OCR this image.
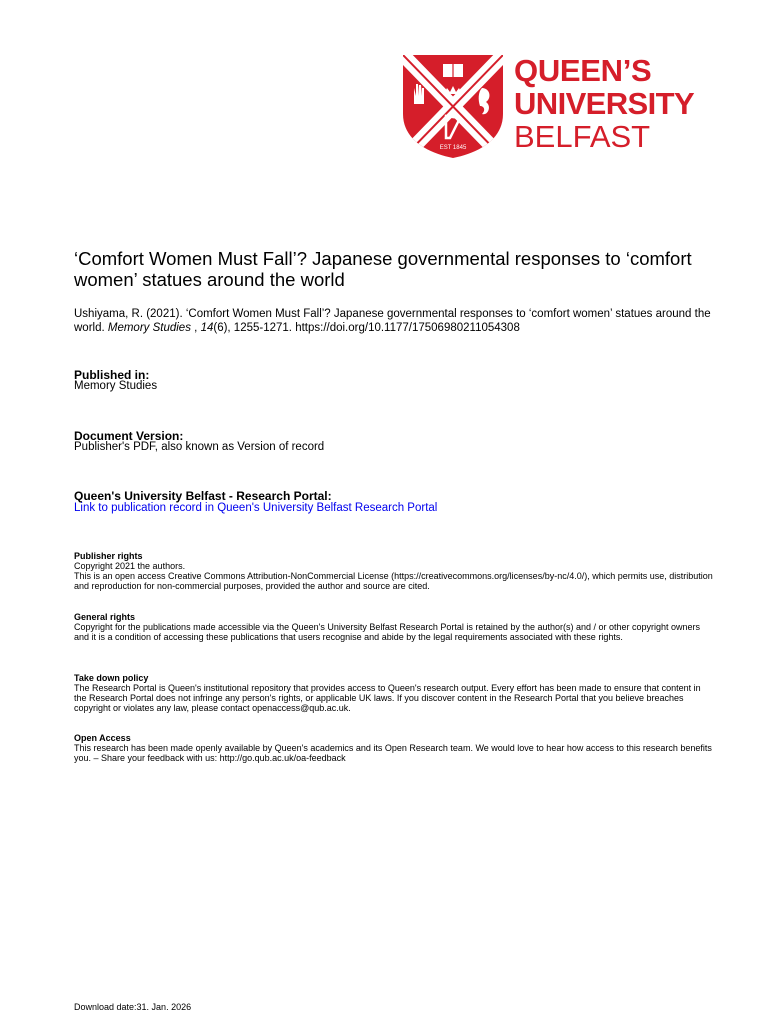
EST 1845
QUEEN’S
UNIVERSITY
BELFAST
‘Comfort Women Must Fall’? Japanese governmental responses to ‘comfort women’ statues around the world
Ushiyama, R. (2021). ‘Comfort Women Must Fall’? Japanese governmental responses to ‘comfort women’ statues around the world. Memory Studies , 14(6), 1255-1271. https://doi.org/10.1177/17506980211054308
Published in:
Memory Studies
Document Version:
Publisher's PDF, also known as Version of record
Queen's University Belfast - Research Portal:
Link to publication record in Queen's University Belfast Research Portal
Publisher rights
Copyright 2021 the authors.
This is an open access Creative Commons Attribution-NonCommercial License (https://creativecommons.org/licenses/by-nc/4.0/), which permits use, distribution and reproduction for non-commercial purposes, provided the author and source are cited.
General rights
Copyright for the publications made accessible via the Queen's University Belfast Research Portal is retained by the author(s) and / or other copyright owners and it is a condition of accessing these publications that users recognise and abide by the legal requirements associated with these rights.
Take down policy
The Research Portal is Queen's institutional repository that provides access to Queen's research output. Every effort has been made to ensure that content in the Research Portal does not infringe any person's rights, or applicable UK laws. If you discover content in the Research Portal that you believe breaches copyright or violates any law, please contact openaccess@qub.ac.uk.
Open Access
This research has been made openly available by Queen's academics and its Open Research team. We would love to hear how access to this research benefits you. – Share your feedback with us: http://go.qub.ac.uk/oa-feedback
Download date:31. Jan. 2026
